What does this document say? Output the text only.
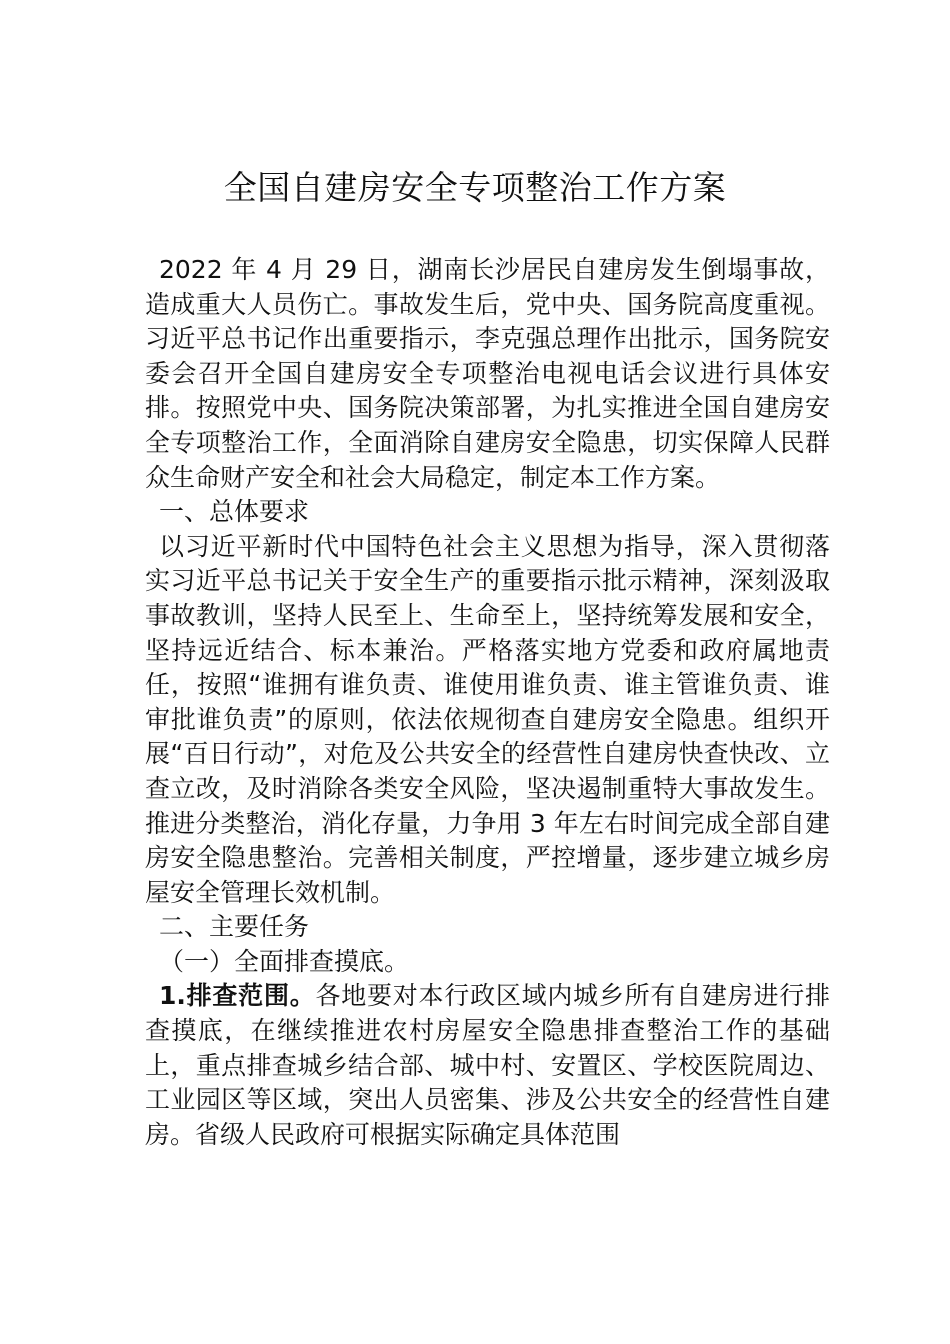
全国自建房安全专项整治工作方案

2022 年 4 月 29 日，湖南长沙居民自建房发生倒塌事故，造成重大人员伤亡。事故发生后，党中央、国务院高度重视。习近平总书记作出重要指示，李克强总理作出批示，国务院安委会召开全国自建房安全专项整治电视电话会议进行具体安排。按照党中央、国务院决策部署，为扎实推进全国自建房安全专项整治工作，全面消除自建房安全隐患，切实保障人民群众生命财产安全和社会大局稳定，制定本工作方案。

一、总体要求

以习近平新时代中国特色社会主义思想为指导，深入贯彻落实习近平总书记关于安全生产的重要指示批示精神，深刻汲取事故教训，坚持人民至上、生命至上，坚持统筹发展和安全，坚持远近结合、标本兼治。严格落实地方党委和政府属地责任，按照“谁拥有谁负责、谁使用谁负责、谁主管谁负责、谁审批谁负责”的原则，依法依规彻查自建房安全隐患。组织开展“百日行动”，对危及公共安全的经营性自建房快查快改、立查立改，及时消除各类安全风险，坚决遏制重特大事故发生。推进分类整治，消化存量，力争用 3 年左右时间完成全部自建房安全隐患整治。完善相关制度，严控增量，逐步建立城乡房屋安全管理长效机制。

二、主要任务

（一）全面排查摸底。

1.排查范围。各地要对本行政区域内城乡所有自建房进行排查摸底，在继续推进农村房屋安全隐患排查整治工作的基础上，重点排查城乡结合部、城中村、安置区、学校医院周边、工业园区等区域，突出人员密集、涉及公共安全的经营性自建房。省级人民政府可根据实际确定具体范围
